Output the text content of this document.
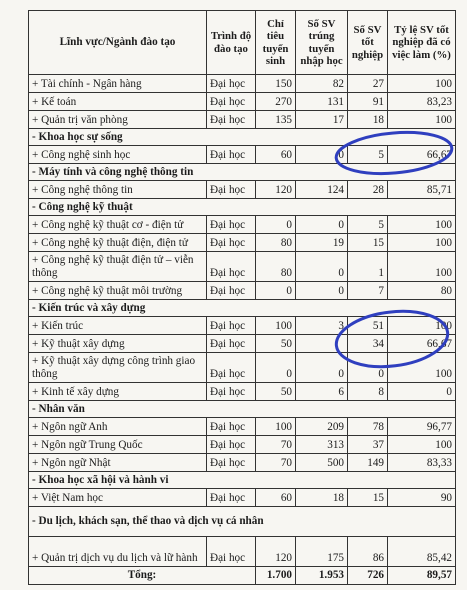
Lĩnh vực/Ngành đào tạo	Trình độ đào tạo	Chỉ tiêu tuyển sinh	Số SV trúng tuyển nhập học	Số SV tốt nghiệp	Tỷ lệ SV tốt nghiệp đã có việc làm (%)
+ Tài chính - Ngân hàng	Đại học	150	82	27	100
+ Kế toán	Đại học	270	131	91	83,23
+ Quản trị văn phòng	Đại học	135	17	18	100
- Khoa học sự sống					
+ Công nghệ sinh học	Đại học	60	0	5	66,67
- Máy tính và công nghệ thông tin					
+ Công nghệ thông tin	Đại học	120	124	28	85,71
- Công nghệ kỹ thuật					
+ Công nghệ kỹ thuật cơ - điện tử	Đại học	0	0	5	100
+ Công nghệ kỹ thuật điện, điện tử	Đại học	80	19	15	100
+ Công nghệ kỹ thuật điện tử – viễn thông	Đại học	80	0	1	100
+ Công nghệ kỹ thuật môi trường	Đại học	0	0	7	80
- Kiến trúc và xây dựng					
+ Kiến trúc	Đại học	100	3	51	100
+ Kỹ thuật xây dựng	Đại học	50		34	66,67
+ Kỹ thuật xây dựng công trình giao thông	Đại học	0	0	0	100
+ Kinh tế xây dựng	Đại học	50	6	8	0
- Nhân văn					
+ Ngôn ngữ Anh	Đại học	100	209	78	96,77
+ Ngôn ngữ Trung Quốc	Đại học	70	313	37	100
+ Ngôn ngữ Nhật	Đại học	70	500	149	83,33
- Khoa học xã hội và hành vi					
+ Việt Nam học	Đại học	60	18	15	90
- Du lịch, khách sạn, thể thao và dịch vụ cá nhân					
+ Quản trị dịch vụ du lịch và lữ hành	Đại học	120	175	86	85,42
Tổng:		1.700	1.953	726	89,57
